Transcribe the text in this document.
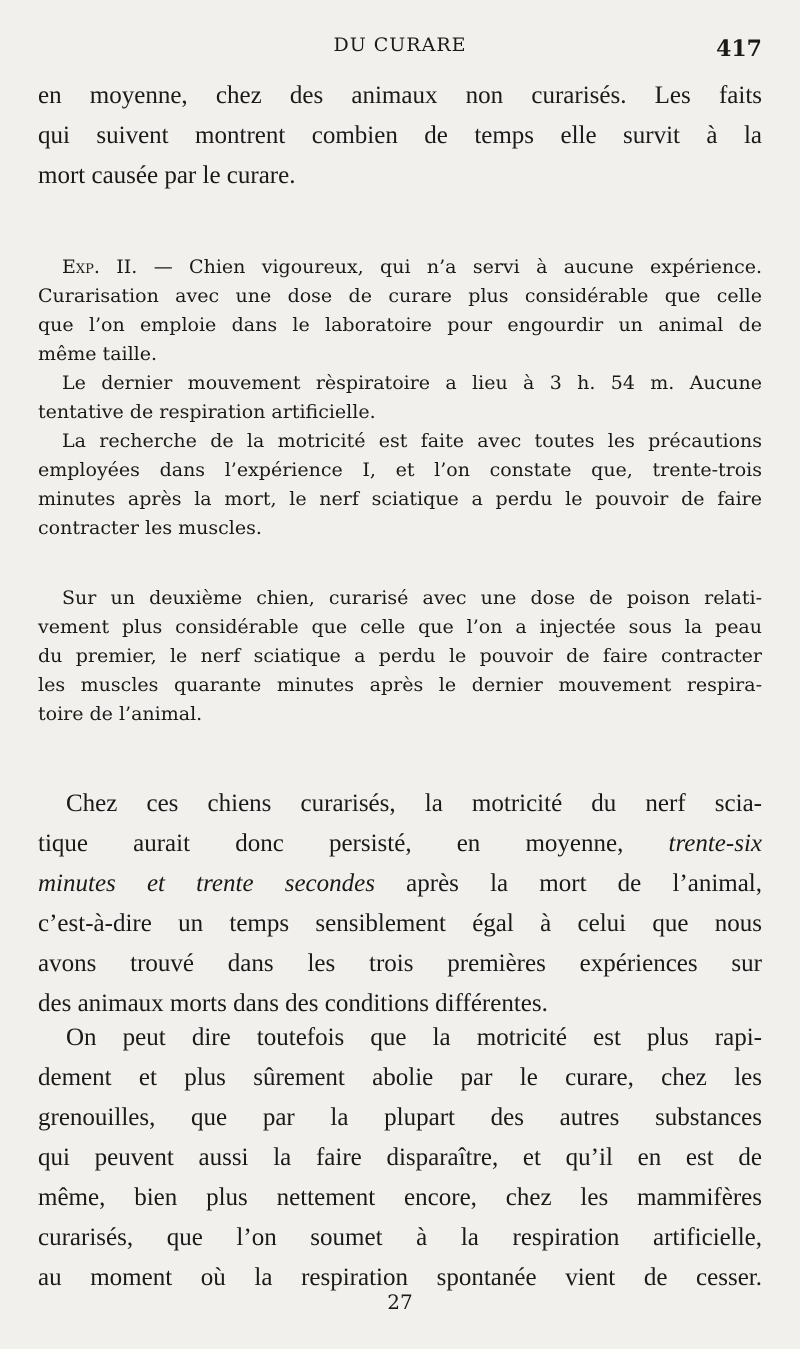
DU CURARE	417
en moyenne, chez des animaux non curarisés. Les faits
qui suivent montrent combien de temps elle survit à la
mort causée par le curare.
Exp. II. — Chien vigoureux, qui n’a servi à aucune expérience.
Curarisation avec une dose de curare plus considérable que celle
que l’on emploie dans le laboratoire pour engourdir un animal de
même taille.
Le dernier mouvement rèspiratoire a lieu à 3 h. 54 m. Aucune
tentative de respiration artificielle.
La recherche de la motricité est faite avec toutes les précautions
employées dans l’expérience I, et l’on constate que, trente-trois
minutes après la mort, le nerf sciatique a perdu le pouvoir de faire
contracter les muscles.
Sur un deuxième chien, curarisé avec une dose de poison relati-
vement plus considérable que celle que l’on a injectée sous la peau
du premier, le nerf sciatique a perdu le pouvoir de faire contracter
les muscles quarante minutes après le dernier mouvement respira-
toire de l’animal.
Chez ces chiens curarisés, la motricité du nerf scia-
tique aurait donc persisté, en moyenne, trente-six
minutes et trente secondes après la mort de l’animal,
c’est-à-dire un temps sensiblement égal à celui que nous
avons trouvé dans les trois premières expériences sur
des animaux morts dans des conditions différentes.
On peut dire toutefois que la motricité est plus rapi-
dement et plus sûrement abolie par le curare, chez les
grenouilles, que par la plupart des autres substances
qui peuvent aussi la faire disparaître, et qu’il en est de
même, bien plus nettement encore, chez les mammifères
curarisés, que l’on soumet à la respiration artificielle,
au moment où la respiration spontanée vient de cesser.
27
